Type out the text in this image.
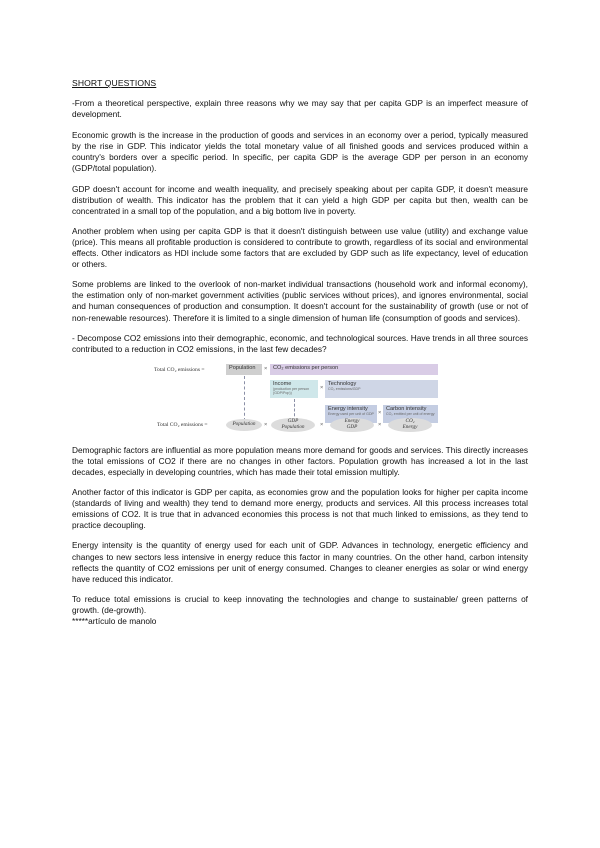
SHORT QUESTIONS

-From a theoretical perspective, explain three reasons why we may say that per capita GDP is an imperfect measure of development.

Economic growth is the increase in the production of goods and services in an economy over a period, typically measured by the rise in GDP. This indicator yields the total monetary value of all finished goods and services produced within a country's borders over a specific period. In specific, per capita GDP is the average GDP per person in an economy (GDP/total population).

GDP doesn't account for income and wealth inequality, and precisely speaking about per capita GDP, it doesn't measure distribution of wealth. This indicator has the problem that it can yield a high GDP per capita but then, wealth can be concentrated in a small top of the population, and a big bottom live in poverty.

Another problem when using per capita GDP is that it doesn't distinguish between use value (utility) and exchange value (price). This means all profitable production is considered to contribute to growth, regardless of its social and environmental effects. Other indicators as HDI include some factors that are excluded by GDP such as life expectancy, level of education or others.

Some problems are linked to the overlook of non-market individual transactions (household work and informal economy), the estimation only of non-market government activities (public services without prices), and ignores environmental, social and human consequences of production and consumption. It doesn't account for the sustainability of growth (use or not of non-renewable resources). Therefore it is limited to a single dimension of human life (consumption of goods and services).

- Decompose CO2 emissions into their demographic, economic, and technological sources. Have trends in all three sources contributed to a reduction in CO2 emissions, in the last few decades?

Total CO₂ emissions =	Population	×	CO₂ emissions per person
Income
(production per person (GDP/Pop))
×
Technology
CO₂ emissions/GDP
Energy intensity
Energy used per unit of GDP ×
Carbon intensity
CO₂ emitted per unit of energy
Total CO₂ emissions =	Population	×
GDP
Population	×
Energy
GDP	×
CO₂
Energy

Demographic factors are influential as more population means more demand for goods and services. This directly increases the total emissions of CO2 if there are no changes in other factors. Population growth has increased a lot in the last decades, especially in developing countries, which has made their total emission multiply.

Another factor of this indicator is GDP per capita, as economies grow and the population looks for higher per capita income (standards of living and wealth) they tend to demand more energy, products and services. All this process increases total emissions of CO2. It is true that in advanced economies this process is not that much linked to emissions, as they tend to practice decoupling.

Energy intensity is the quantity of energy used for each unit of GDP. Advances in technology, energetic efficiency and changes to new sectors less intensive in energy reduce this factor in many countries. On the other hand, carbon intensity reflects the quantity of CO2 emissions per unit of energy consumed. Changes to cleaner energies as solar or wind energy have reduced this indicator.

To reduce total emissions is crucial to keep innovating the technologies and change to sustainable/ green patterns of growth. (de-growth).

*****artículo de manolo
